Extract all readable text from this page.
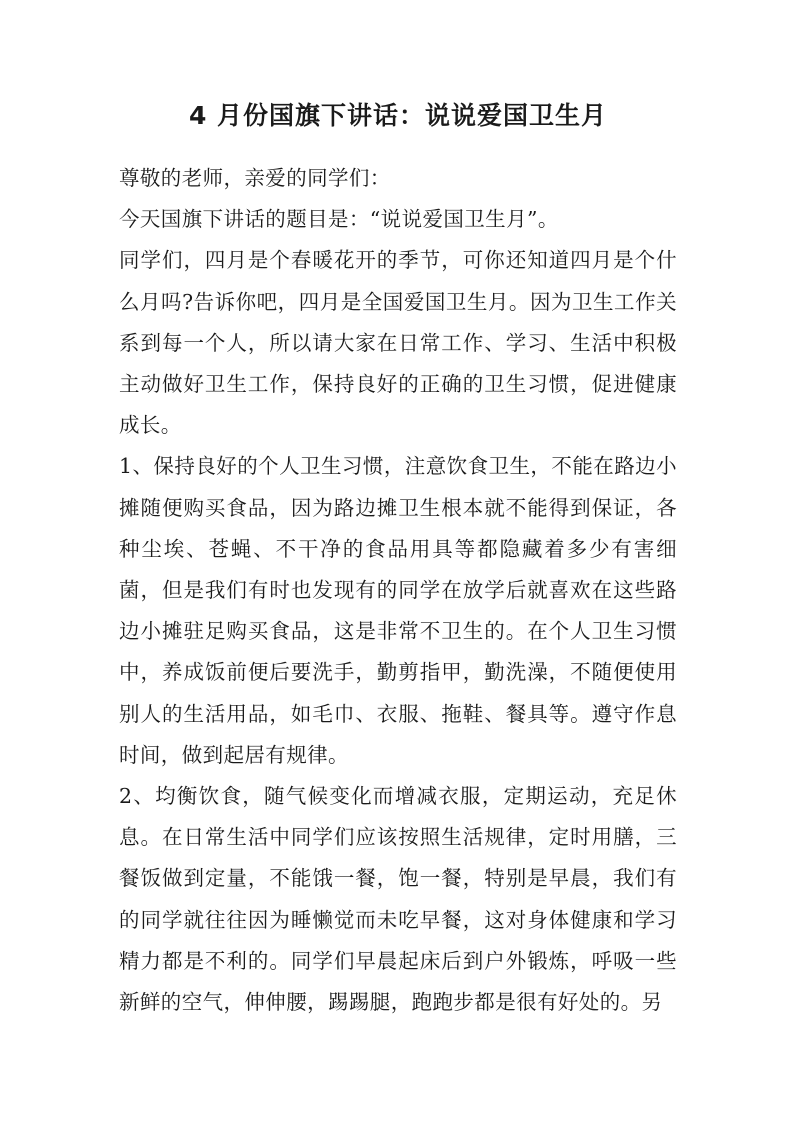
4 月份国旗下讲话：说说爱国卫生月

尊敬的老师，亲爱的同学们：

今天国旗下讲话的题目是：“说说爱国卫生月”。

同学们，四月是个春暖花开的季节，可你还知道四月是个什么月吗?告诉你吧，四月是全国爱国卫生月。因为卫生工作关系到每一个人，所以请大家在日常工作、学习、生活中积极主动做好卫生工作，保持良好的正确的卫生习惯，促进健康成长。

1、保持良好的个人卫生习惯，注意饮食卫生，不能在路边小摊随便购买食品，因为路边摊卫生根本就不能得到保证，各种尘埃、苍蝇、不干净的食品用具等都隐藏着多少有害细菌，但是我们有时也发现有的同学在放学后就喜欢在这些路边小摊驻足购买食品，这是非常不卫生的。在个人卫生习惯中，养成饭前便后要洗手，勤剪指甲，勤洗澡，不随便使用别人的生活用品，如毛巾、衣服、拖鞋、餐具等。遵守作息时间，做到起居有规律。

2、均衡饮食，随气候变化而增减衣服，定期运动，充足休息。在日常生活中同学们应该按照生活规律，定时用膳，三餐饭做到定量，不能饿一餐，饱一餐，特别是早晨，我们有的同学就往往因为睡懒觉而未吃早餐，这对身体健康和学习精力都是不利的。同学们早晨起床后到户外锻炼，呼吸一些新鲜的空气，伸伸腰，踢踢腿，跑跑步都是很有好处的。另
